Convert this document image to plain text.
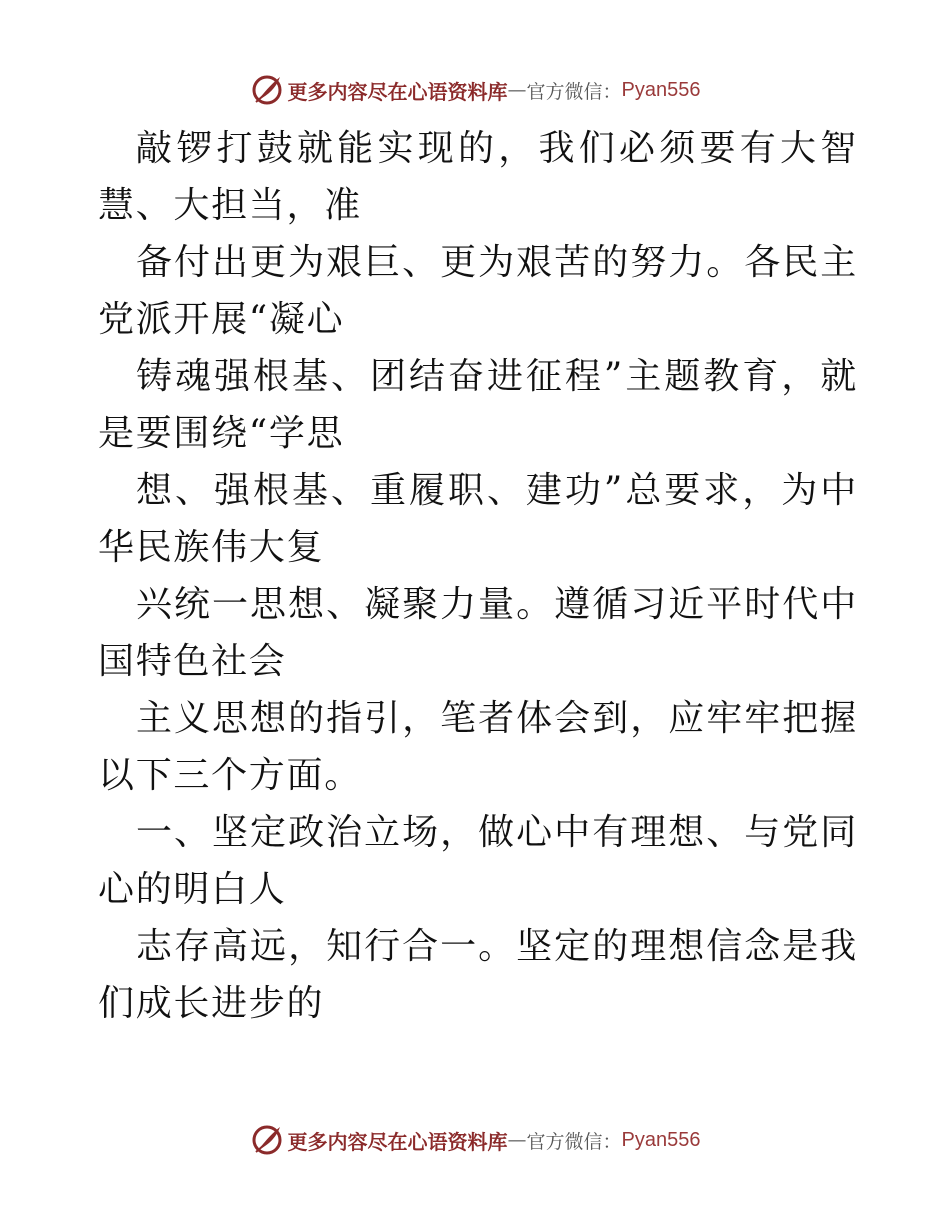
更多内容尽在心语资料库 — 官方微信： Pyan556

敲锣打鼓就能实现的，我们必须要有大智慧、大担当，准

备付出更为艰巨、更为艰苦的努力。各民主党派开展“凝心

铸魂强根基、团结奋进征程”主题教育，就是要围绕“学思

想、强根基、重履职、建功”总要求，为中华民族伟大复

兴统一思想、凝聚力量。遵循习近平时代中国特色社会

主义思想的指引，笔者体会到，应牢牢把握以下三个方面。

一、坚定政治立场，做心中有理想、与党同心的明白人

志存高远，知行合一。坚定的理想信念是我们成长进步的

更多内容尽在心语资料库 — 官方微信： Pyan556
